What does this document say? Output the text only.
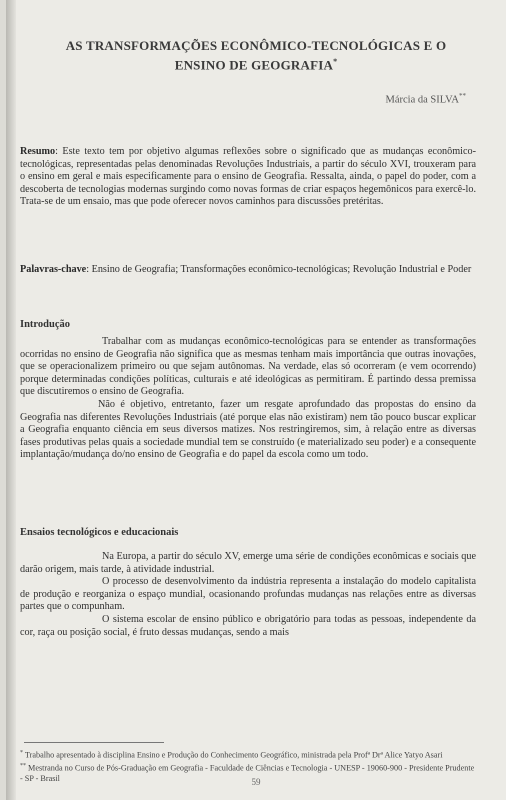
AS TRANSFORMAÇÕES ECONÔMICO-TECNOLÓGICAS E O
ENSINO DE GEOGRAFIA*
Márcia da SILVA**

Resumo: Este texto tem por objetivo algumas reflexões sobre o significado que as mudanças econômico-tecnológicas, representadas pelas denominadas Revoluções Industriais, a partir do século XVI, trouxeram para o ensino em geral e mais especificamente para o ensino de Geografia. Ressalta, ainda, o papel do poder, com a descoberta de tecnologias modernas surgindo como novas formas de criar espaços hegemônicos para exercê-lo. Trata-se de um ensaio, mas que pode oferecer novos caminhos para discussões pretéritas.

Palavras-chave: Ensino de Geografia; Transformações econômico-tecnológicas; Revolução Industrial e Poder

Introdução

Trabalhar com as mudanças econômico-tecnológicas para se entender as transformações ocorridas no ensino de Geografia não significa que as mesmas tenham mais importância que outras inovações, que se operacionalizem primeiro ou que sejam autônomas. Na verdade, elas só ocorreram (e vem ocorrendo) porque determinadas condições políticas, culturais e até ideológicas as permitiram. É partindo dessa premissa que discutiremos o ensino de Geografia.

Não é objetivo, entretanto, fazer um resgate aprofundado das propostas do ensino da Geografia nas diferentes Revoluções Industriais (até porque elas não existiram) nem tão pouco buscar explicar a Geografia enquanto ciência em seus diversos matizes. Nos restringiremos, sim, à relação entre as diversas fases produtivas pelas quais a sociedade mundial tem se construído (e materializado seu poder) e a consequente implantação/mudança do/no ensino de Geografia e do papel da escola como um todo.

Ensaios tecnológicos e educacionais

Na Europa, a partir do século XV, emerge uma série de condições econômicas e sociais que darão origem, mais tarde, à atividade industrial.

O processo de desenvolvimento da indústria representa a instalação do modelo capitalista de produção e reorganiza o espaço mundial, ocasionando profundas mudanças nas relações entre as diversas partes que o compunham.

O sistema escolar de ensino público e obrigatório para todas as pessoas, independente da cor, raça ou posição social, é fruto dessas mudanças, sendo a mais

* Trabalho apresentado à disciplina Ensino e Produção do Conhecimento Geográfico, ministrada pela Profª Drª Alice Yatyo Asari

** Mestranda no Curso de Pós-Graduação em Geografia - Faculdade de Ciências e Tecnologia - UNESP - 19060-900 - Presidente Prudente - SP - Brasil	59
